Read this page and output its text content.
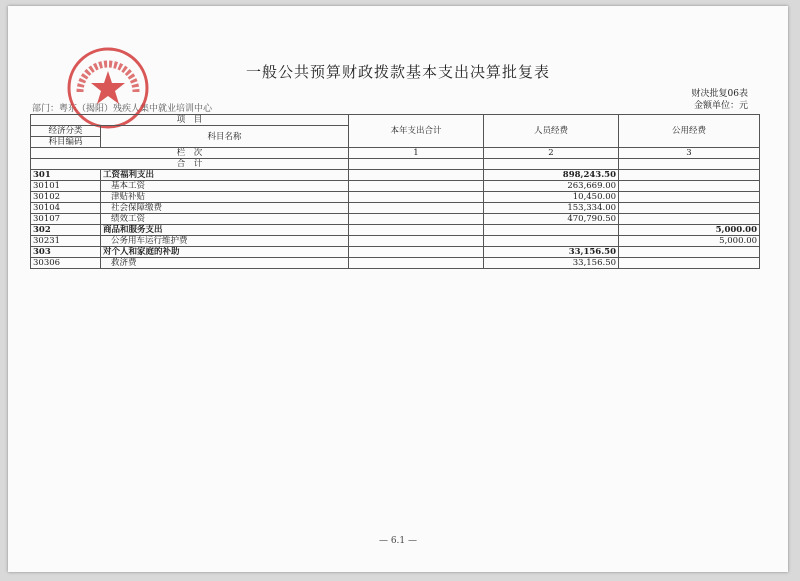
一般公共预算财政拨款基本支出决算批复表
财决批复06表
金额单位：元
部门：粤东（揭阳）残疾人集中就业培训中心
项　目		本年支出合计	人员经费	公用经费
经济分类	科目名称			
科目编码				
栏　次		1	2	3
合　计				
301	工资福利支出		898,243.50	
30101	基本工资		263,669.00	
30102	津贴补贴		10,450.00	
30104	社会保障缴费		153,334.00	
30107	绩效工资		470,790.50	
302	商品和服务支出			5,000.00
30231	公务用车运行维护费			5,000.00
303	对个人和家庭的补助		33,156.50	
30306	救济费		33,156.50	
— 6.1 —
